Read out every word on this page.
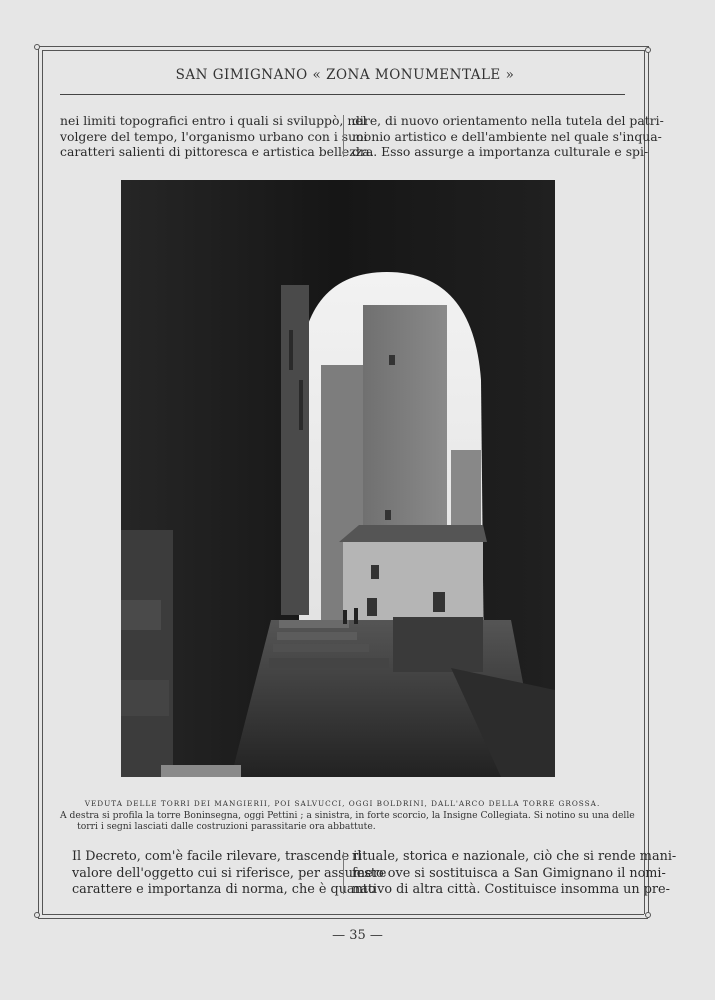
SAN GIMIGNANO « ZONA MONUMENTALE »
nei limiti topografici entro i quali si sviluppò, nel
volgere del tempo, l'organismo urbano con i suoi
caratteri salienti di pittoresca e artistica bellezza.
dire, di nuovo orientamento nella tutela del patri-
monio artistico e dell'ambiente nel quale s'inqua-
dra. Esso assurge a importanza culturale e spi-
VEDUTA DELLE TORRI DEI MANGIERII, POI SALVUCCI, OGGI BOLDRINI, DALL'ARCO DELLA TORRE GROSSA.
A destra si profila la torre Boninsegna, oggi Pettini ; a sinistra, in forte scorcio, la Insigne Collegiata. Si notino su una delle
torri i segni lasciati dalle costruzioni parassitarie ora abbattute.
Il Decreto, com'è facile rilevare, trascende il
valore dell'oggetto cui si riferisce, per assumere
carattere e importanza di norma, che è quanto
rituale, storica e nazionale, ciò che si rende mani-
festo ove si sostituisca a San Gimignano il nomi-
nativo di altra città. Costituisce insomma un pre-
— 35 —
